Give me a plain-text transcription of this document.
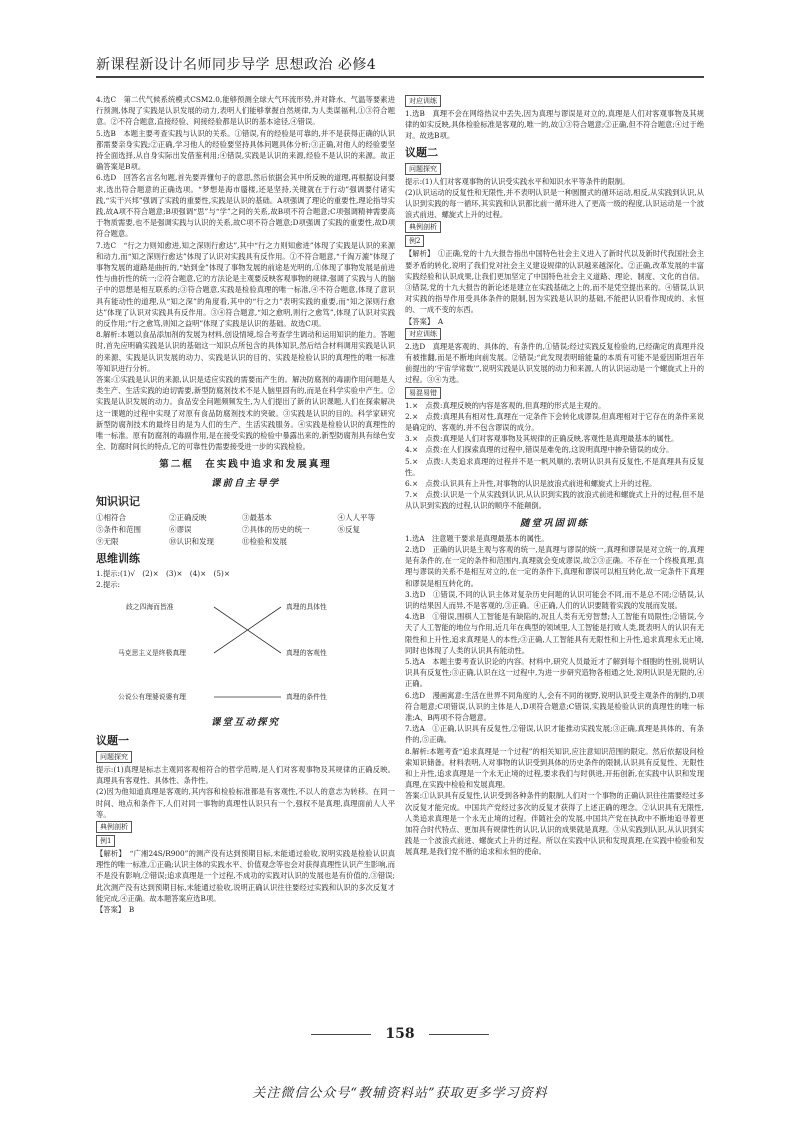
新课程新设计名师同步导学 思想政治 必修4

4.选C　第二代气候系统模式CSM2.0,能够预测全球大气环流形势,并对降水、气温等要素进行预测,体现了实践是认识发展的动力,表明人们能够掌握自然规律,为人类谋福利,①③符合题意。②不符合题意,直接经验、间接经验都是认识的基本途径,④错误。

5.选B　本题主要考查实践与认识的关系。①错误,有的经验是可靠的,并不是获得正确的认识都需要亲身实践;②正确,学习他人的经验要坚持具体问题具体分析;③正确,对他人的经验要坚持全面选择,从自身实际出发借鉴利用;④错误,实践是认识的来源,经验不是认识的来源。故正确答案是B项。

6.选D　回答名言名句题,首先要弄懂句子的意思,然后依据会其中所反映的道理,再根据设问要求,选出符合题意的正确选项。“梦想是海市蜃楼,还是坚持,关键就在于行动”强调要付诸实践,“实干兴邦”强调了实践的重要性,实践是认识的基础。A项强调了理论的重要性,理论指导实践,故A项不符合题意;B项强调“思”与“学”之间的关系,故B项不符合题意;C项强调精神需要高于物质需要,也不是强调实践与认识的关系,故C项不符合题意;D项强调了实践的重要性,故D项符合题意。

7.选C　“行之力则知愈进,知之深则行愈达”,其中“行之力则知愈进”体现了实践是认识的来源和动力,而“知之深则行愈达”体现了认识对实践具有反作用。①不符合题意,“千淘万漉”体现了事物发展的道路是曲折的,“始到金”体现了事物发展的前途是光明的,①体现了事物发展是前进性与曲折性的统一;②符合题意,它的方法论是主观要反映客观事物的规律,强调了实践与人的脑子中的思想是相互联系的;③符合题意,实践是检验真理的唯一标准,④不符合题意,体现了意识具有能动性的道理,从“知之深”的角度看,其中的“行之力”表明实践的重要,而“知之深则行愈达”体现了认识对实践具有反作用。③④符合题意,“知之愈明,则行之愈笃”,体现了认识对实践的反作用;“行之愈笃,则知之益明”体现了实践是认识的基础。故选C项。

8.解析:本题以食品添加剂的发展为材料,创设情境,综合考查学生调动和运用知识的能力。答题时,首先应明确实践是认识的基础这一知识点所包含的具体知识,然后结合材料调用实践是认识的来源、实践是认识发展的动力、实践是认识的目的、实践是检验认识的真理性的唯一标准等知识进行分析。

答案:①实践是认识的来源,认识是适应实践的需要而产生的。解决防腐剂的毒副作用问题是人类生产、生活实践的迫切需要,新型防腐剂技术不是人脑里固有的,而是在科学实验中产生。②实践是认识发展的动力。食品安全问题频频发生,为人们提出了新的认识课题,人们在探索解决这一课题的过程中实现了对原有食品防腐剂技术的突破。③实践是认识的目的。科学家研究新型防腐剂技术的最终目的是为人们的生产、生活实践服务。④实践是检验认识的真理性的唯一标准。原有防腐剂的毒副作用,是在接受实践的检验中暴露出来的,新型防腐剂具有绿色安全、防腐时间长的特点,它的可靠性仍需要接受进一步的实践检验。

第二框　在实践中追求和发展真理
课前自主导学
知识识记
①相符合	②正确反映	③最基本	④人人平等
⑤条件和范围	⑥谬误	⑦具体的历史的统一	⑧反复
⑨无限	⑩认识和发现	⑪检验和发展
思维训练

1.提示:(1)√　(2)×　(3)×　(4)×　(5)×

2.提示:

歧之四海而皆准
马克思主义是终极真理
公说公有理婆说婆有理
真理的具体性
真理的客观性
真理的条件性
课堂互动探究
议题一
问题探究

提示:(1)真理是标志主观同客观相符合的哲学范畴,是人们对客观事物及其规律的正确反映。真理具有客观性、具体性、条件性。

(2)因为他知道真理是客观的,其内容和检验标准都是有客观性,不以人的意志为转移。在同一时间、地点和条件下,人们对同一事物的真理性认识只有一个,强权不是真理,真理面前人人平等。

典例剖析
例1

【解析】　“广湘24S/R900”的测产没有达到预期目标,未能通过验收,说明实践是检验认识真理性的唯一标准,①正确;认识主体的实践水平、价值观念等也会对获得真理性认识产生影响,而不是没有影响,②错误;追求真理是一个过程,不成功的实践对认识的发展也是有价值的,③错误;此次测产没有达到预期目标,未能通过验收,说明正确认识往往要经过实践和认识的多次反复才能完成,④正确。故本题答案应选B项。

【答案】　B

对应训练

1.选B　真理不会在网络热议中丢失,因为真理与谬误是对立的,真理是人们对客观事物及其规律的如实反映,具体检验标准是客观的,唯一的,故①③符合题意;②正确,但不符合题意;④过于绝对。故选B项。

议题二
问题探究

提示:(1)人们对客观事物的认识受实践水平和知识水平等条件的限制。

(2)认识运动的反复性和无限性,并不表明认识是一种圆圈式的循环运动,相反,从实践到认识,从认识到实践的每一循环,其实践和认识都比前一循环进入了更高一级的程度,认识运动是一个波浪式前进、螺旋式上升的过程。

典例剖析
例2

【解析】　①正确,党的十九大报告指出中国特色社会主义进入了新时代以及新时代我国社会主要矛盾的转化,说明了我们党对社会主义建设规律的认识越来越深化。②正确,改革发展的丰富实践经验和认识成果,让我们更加坚定了中国特色社会主义道路、理论、制度、文化的自信。③错误,党的十九大报告的新论述是建立在实践基础之上的,而不是凭空提出来的。④错误,认识对实践的指导作用受具体条件的限制,因为实践是认识的基础,不能把认识看作现成的、永恒的、一成不变的东西。

【答案】　A

对应训练

2.选D　真理是客观的、具体的、有条件的,①错误;经过实践反复检验的,已经确定的真理并没有被推翻,而是不断地向前发展。②错误;“此发现表明暗能量的本质有可能不是爱因斯坦百年前提出的‘宇宙学常数’”,说明实践是认识发展的动力和来源,人的认识运动是一个螺旋式上升的过程。③④为选。

易混易错

1.×　点拨:真理反映的内容是客观的,但真理的形式是主观的。

2.×　点拨:真理具有相对性,真理在一定条件下会转化成谬误,但真理相对于它存在的条件来说是确定的、客观的,并不包含谬误的成分。

3.×　点拨:真理是人们对客观事物及其规律的正确反映,客观性是真理最基本的属性。

4.×　点拨:在人们探索真理的过程中,错误是难免的,这说明真理中掺杂错误的成分。

5.×　点拨:人类追求真理的过程并不是一帆风顺的,表明认识具有反复性,不是真理具有反复性。

6.×　点拨:认识具有上升性,对事物的认识是波浪式前进和螺旋式上升的过程。

7.×　点拨:认识是一个从实践到认识,从认识到实践的波浪式前进和螺旋式上升的过程,但不是从认识到实践的过程,认识的顺序不能颠倒。

随堂巩固训练

1.选A　注意题干要求是真理最基本的属性。

2.选D　正确的认识是主观与客观的统一,是真理与谬误的统一,真理和谬误是对立统一的,真理是有条件的,在一定的条件和范围内,真理就会变成谬误,故②③正确。不存在一个终极真理,真理与谬误的关系不是相互对立的,在一定的条件下,真理和谬误可以相互转化,故一定条件下真理和谬误是相互转化的。

3.选D　①错误,不同的认识主体对复杂历史问题的认识可能会不同,而不是总不同;②错误,认识的结果因人而异,不是客观的,③正确。④正确,人们的认识要随着实践的发展而发展。

4.选B　①错误,围棋人工智能是有缺陷的,况且人类有无穷智慧;人工智能有局限性;②错误,今天了人工智能的地位与作用,近几年在典型的领域里,人工智能是打败人类,既表明人的认识有无限性和上升性,追求真理是人的本性;③正确,人工智能具有无限性和上升性,追求真理永无止境,同时也体现了人类的认识具有能动性。

5.选A　本题主要考查认识论的内容。材料中,研究人员最近才了解到每个细胞的性别,说明认识具有反复性;③正确,认识在这一过程中,为进一步研究造物各相通之处,说明认识是无限的,④正确。

6.选D　漫画寓意:生活在世界不同角度的人,会有不同的视野,说明认识受主观条件的制约,D项符合题意;C项错误,认识的主体是人,D项符合题意;C错误,实践是检验认识的真理性的唯一标准;A、B两项不符合题意。

7.选A　①正确,认识具有反复性,②错误,认识才能推动实践发展;③正确,真理是具体的、有条件的,⑤正确。

8.解析:本题考查“追求真理是一个过程”的相关知识,应注意知识范围的限定。然后依据设问检索知识储备。材料表明,人对事物的认识受到具体的历史条件的限制,认识具有反复性、无限性和上升性,追求真理是一个永无止境的过程,要求我们与时俱进,开拓创新,在实践中认识和发现真理,在实践中检验和发展真理。

答案:①认识具有反复性,认识受到各种条件的限制,人们对一个事物的正确认识往往需要经过多次反复才能完成。中国共产党经过多次的反复才获得了上述正确的理念。②认识具有无限性,人类追求真理是一个永无止境的过程。伴随社会的发展,中国共产党在执政中不断地追寻着更加符合时代特点、更加具有规律性的认识,认识的成果就是真理。③从实践到认识,从认识到实践是一个波浪式前进、螺旋式上升的过程。所以在实践中认识和发现真理,在实践中检验和发展真理,是我们党不断的追求和永恒的使命。

158
关注微信公众号“教辅资料站”获取更多学习资料
